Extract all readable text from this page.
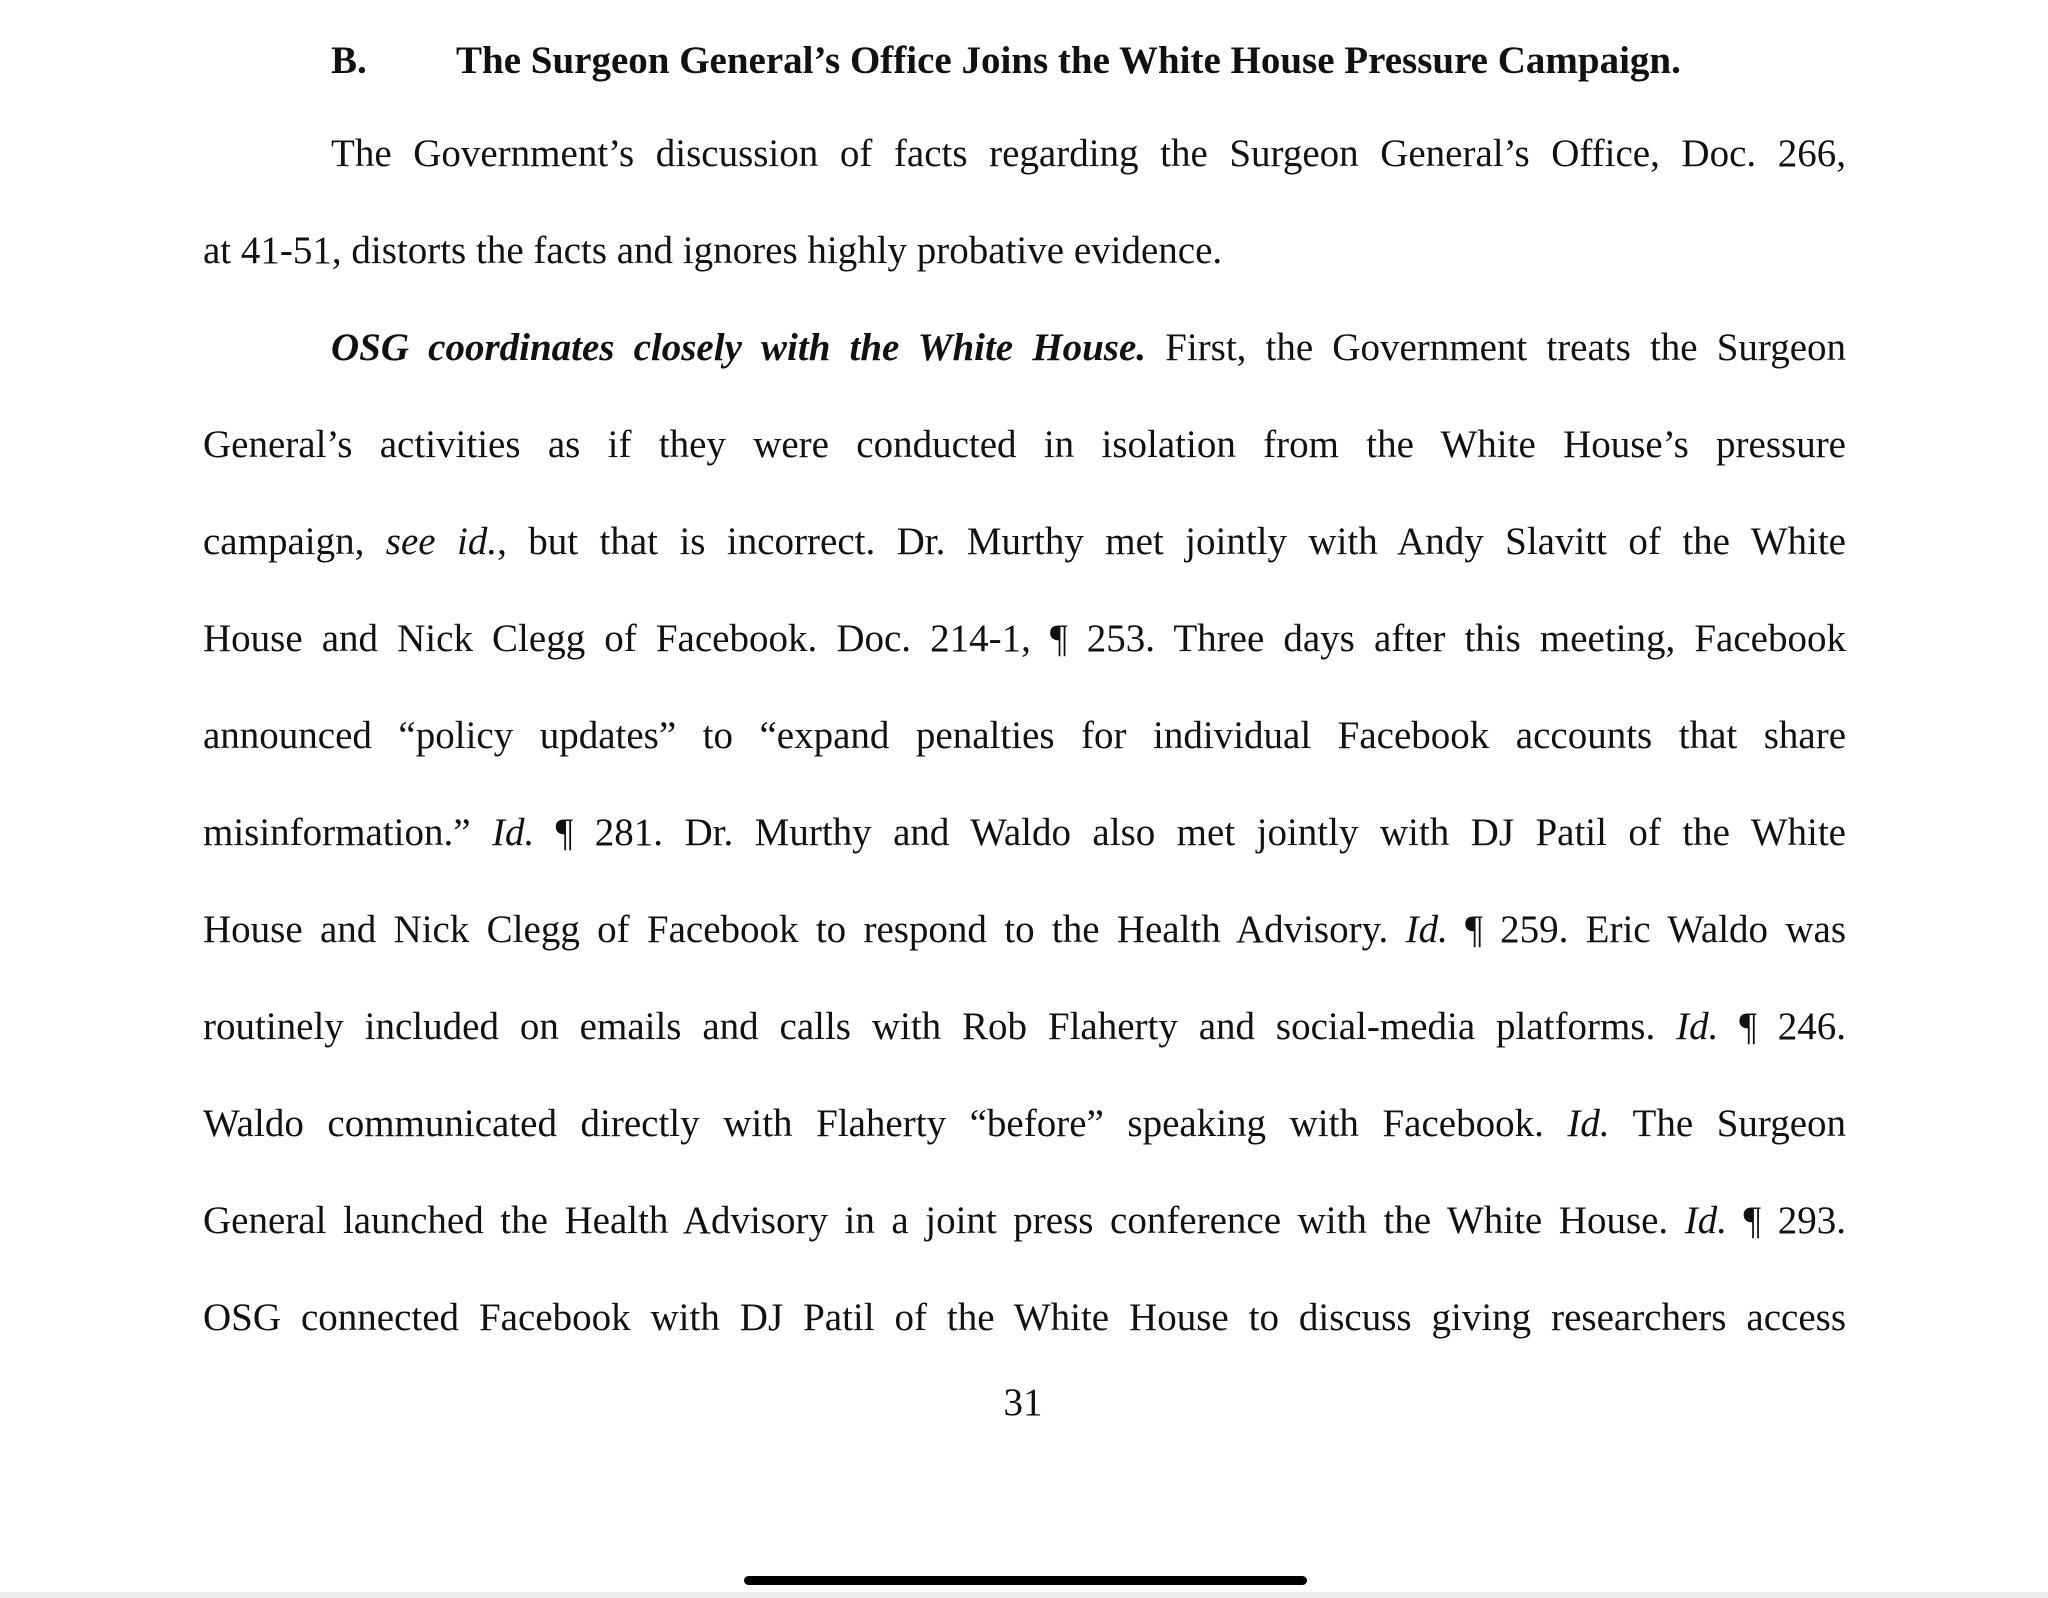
B. The Surgeon General’s Office Joins the White House Pressure Campaign.
The Government’s discussion of facts regarding the Surgeon General’s Office, Doc. 266,
at 41-51, distorts the facts and ignores highly probative evidence.
OSG coordinates closely with the White House. First, the Government treats the Surgeon
General’s activities as if they were conducted in isolation from the White House’s pressure
campaign, see id., but that is incorrect. Dr. Murthy met jointly with Andy Slavitt of the White
House and Nick Clegg of Facebook. Doc. 214-1, ¶ 253. Three days after this meeting, Facebook
announced “policy updates” to “expand penalties for individual Facebook accounts that share
misinformation.” Id. ¶ 281. Dr. Murthy and Waldo also met jointly with DJ Patil of the White
House and Nick Clegg of Facebook to respond to the Health Advisory. Id. ¶ 259. Eric Waldo was
routinely included on emails and calls with Rob Flaherty and social-media platforms. Id. ¶ 246.
Waldo communicated directly with Flaherty “before” speaking with Facebook. Id. The Surgeon
General launched the Health Advisory in a joint press conference with the White House. Id. ¶ 293.
OSG connected Facebook with DJ Patil of the White House to discuss giving researchers access
31
